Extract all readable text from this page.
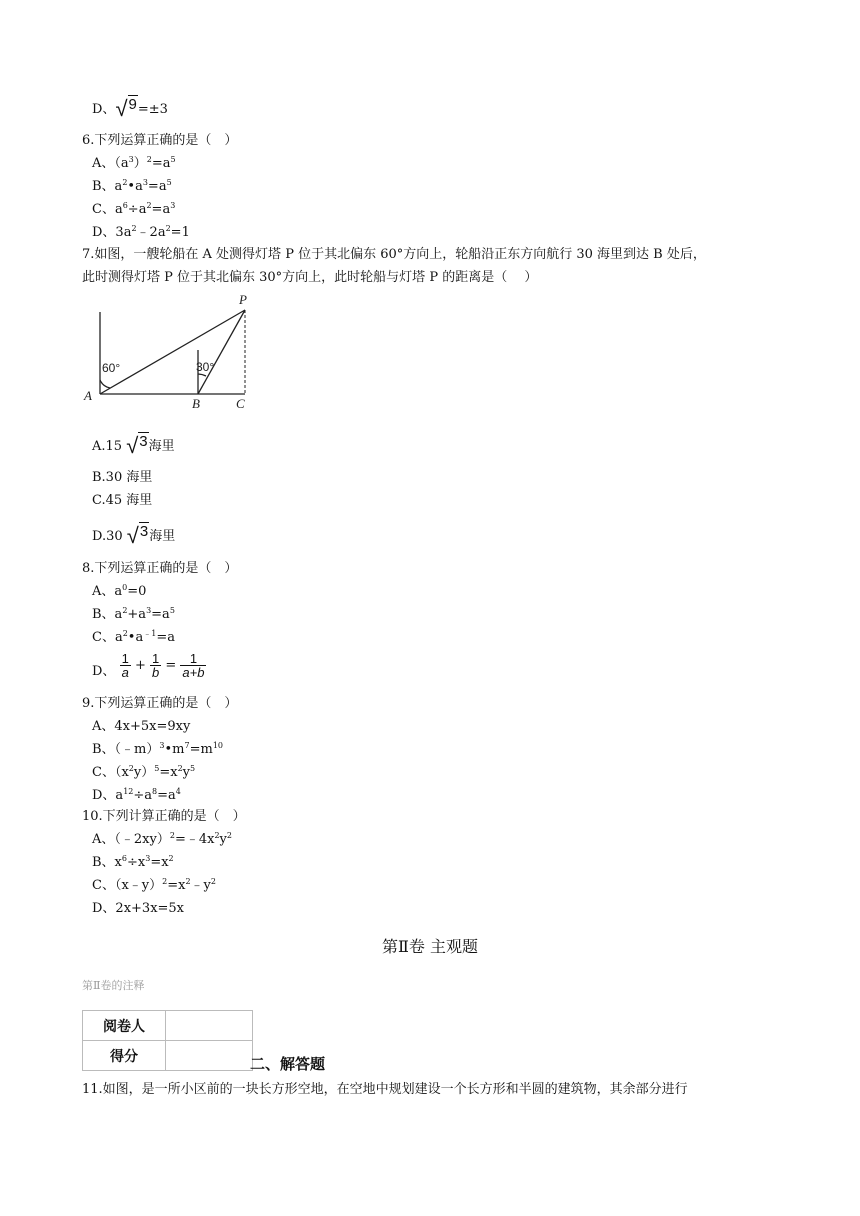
D、√9=±3
6.下列运算正确的是（　）
A、$(a^3)^2=a^5$
B、$a^2•a^3=a^5$
C、$a^6\div a^2=a^3$
D、$3a^2﹣2a^2=1$
7.如图，一艘轮船在 A 处测得灯塔 P 位于其北偏东 60°方向上，轮船沿正东方向航行 30 海里到达 B 处后，
此时测得灯塔 P 位于其北偏东 30°方向上，此时轮船与灯塔 P 的距离是（　 ）
P
A
B	C
60°	30°
A.15 √3海里
B.30 海里
C.45 海里
D.30 √3海里
8.下列运算正确的是（　）
A、$a^0=0$
B、$a^2+a^3=a^5$
C、$a^2•a^{﹣1}=a$
D、 $\frac{1}{a} + \frac{1}{b} = \frac{1}{a+b}$
9.下列运算正确的是（　）
A、4x+5x=9xy
B、$(﹣m)^3•m^7=m^{10}$
C、$(x^2y)^5=x^2y^5$
D、$a^{12}\div a^8=a^4$
10.下列计算正确的是（　）
A、$(﹣2xy)^2=﹣4x^2y^2$
B、$x^6\div x^3=x^2$
C、$(x﹣y)^2=x^2﹣y^2$
D、2x+3x=5x
第Ⅱ卷 主观题
第Ⅱ卷的注释
阅卷人	
得分		二、解答题
11.如图，是一所小区前的一块长方形空地，在空地中规划建设一个长方形和半圆的建筑物，其余部分进行
